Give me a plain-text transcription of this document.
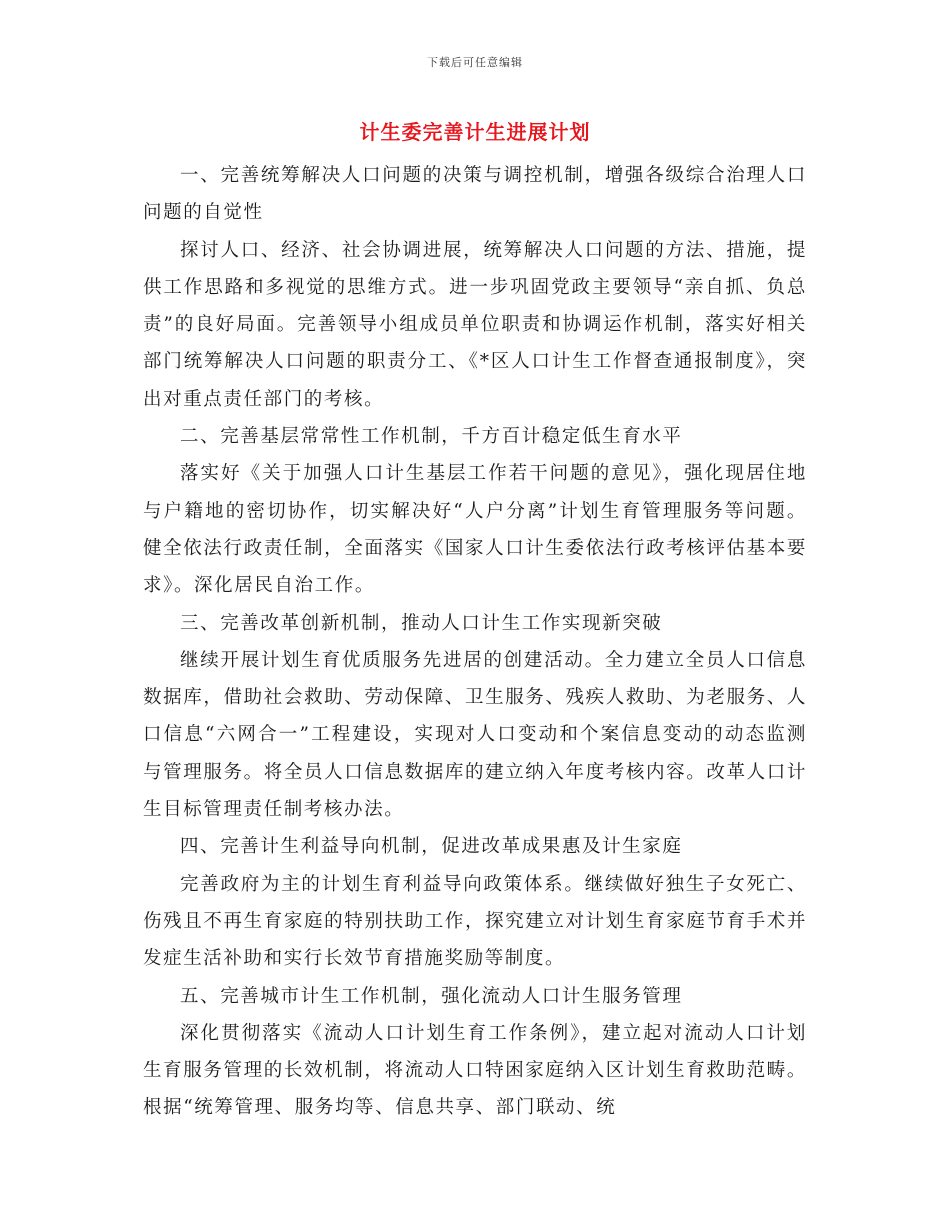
下载后可任意编辑
计生委完善计生进展计划

一、完善统筹解决人口问题的决策与调控机制，增强各级综合治理人口问题的自觉性

探讨人口、经济、社会协调进展，统筹解决人口问题的方法、措施，提供工作思路和多视觉的思维方式。进一步巩固党政主要领导“亲自抓、负总责”的良好局面。完善领导小组成员单位职责和协调运作机制，落实好相关部门统筹解决人口问题的职责分工、《*区人口计生工作督查通报制度》，突出对重点责任部门的考核。

二、完善基层常常性工作机制，千方百计稳定低生育水平

落实好《关于加强人口计生基层工作若干问题的意见》，强化现居住地与户籍地的密切协作，切实解决好“人户分离”计划生育管理服务等问题。健全依法行政责任制，全面落实《国家人口计生委依法行政考核评估基本要求》。深化居民自治工作。

三、完善改革创新机制，推动人口计生工作实现新突破

继续开展计划生育优质服务先进居的创建活动。全力建立全员人口信息数据库，借助社会救助、劳动保障、卫生服务、残疾人救助、为老服务、人口信息“六网合一”工程建设，实现对人口变动和个案信息变动的动态监测与管理服务。将全员人口信息数据库的建立纳入年度考核内容。改革人口计生目标管理责任制考核办法。

四、完善计生利益导向机制，促进改革成果惠及计生家庭

完善政府为主的计划生育利益导向政策体系。继续做好独生子女死亡、伤残且不再生育家庭的特别扶助工作，探究建立对计划生育家庭节育手术并发症生活补助和实行长效节育措施奖励等制度。

五、完善城市计生工作机制，强化流动人口计生服务管理

深化贯彻落实《流动人口计划生育工作条例》，建立起对流动人口计划生育服务管理的长效机制，将流动人口特困家庭纳入区计划生育救助范畴。根据“统筹管理、服务均等、信息共享、部门联动、统
